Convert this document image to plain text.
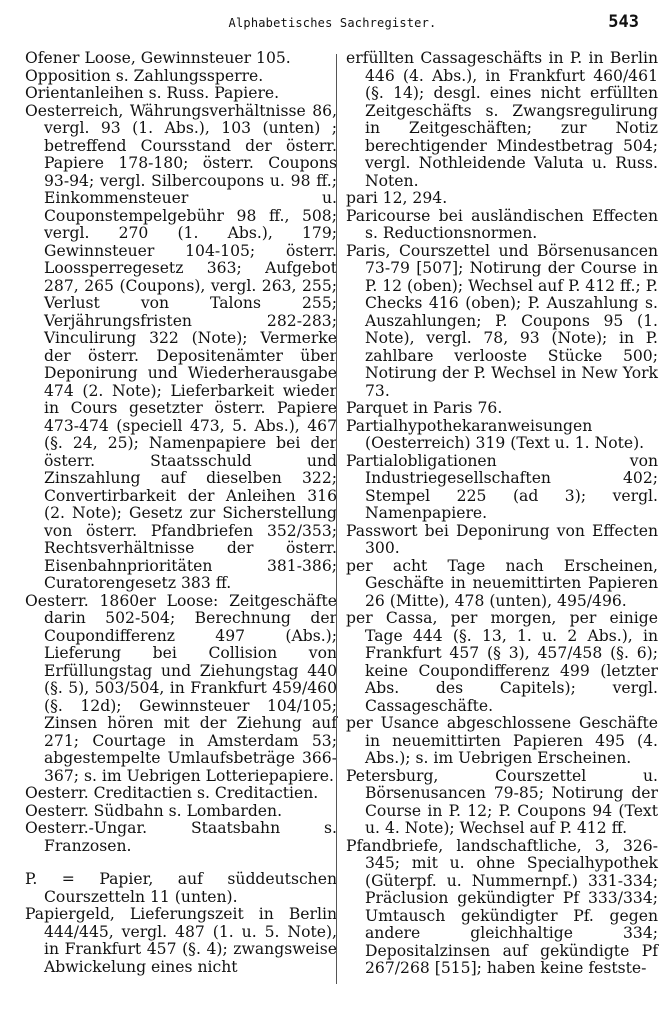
Alphabetisches Sachregister.	543

Ofener Loose, Gewinnsteuer 105.

Opposition s. Zahlungssperre.

Orientanleihen s. Russ. Papiere.

Oesterreich, Währungsverhältnisse 86, vergl. 93 (1. Abs.), 103 (unten) ; betreffend Coursstand der österr. Papiere 178-180; österr. Coupons 93-94; vergl. Silbercoupons u. 98 ff.; Einkommensteuer u. Couponstempelgebühr 98 ff., 508; vergl. 270 (1. Abs.), 179; Gewinnsteuer 104-105; österr. Loossperregesetz 363; Aufgebot 287, 265 (Coupons), vergl. 263, 255; Verlust von Talons 255; Verjährungsfristen 282-283; Vinculirung 322 (Note); Vermerke der österr. Depositenämter über Deponirung und Wiederherausgabe 474 (2. Note); Lieferbarkeit wieder in Cours gesetzter österr. Papiere 473-474 (speciell 473, 5. Abs.), 467 (§. 24, 25); Namenpapiere bei der österr. Staatsschuld und Zinszahlung auf dieselben 322; Convertirbarkeit der Anleihen 316 (2. Note); Gesetz zur Sicherstellung von österr. Pfandbriefen 352/353; Rechtsverhältnisse der österr. Eisenbahnprioritäten 381-386; Curatorengesetz 383 ff.

Oesterr. 1860er Loose: Zeitgeschäfte darin 502-504; Berechnung der Coupondifferenz 497 (Abs.); Lieferung bei Collision von Erfüllungstag und Ziehungstag 440 (§. 5), 503/504, in Frankfurt 459/460 (§. 12d); Gewinnsteuer 104/105; Zinsen hören mit der Ziehung auf 271; Courtage in Amsterdam 53; abgestempelte Umlaufsbeträge 366-367; s. im Uebrigen Lotteriepapiere.

Oesterr. Creditactien s. Creditactien.

Oesterr. Südbahn s. Lombarden.

Oesterr.-Ungar. Staatsbahn s. Franzosen.

P. = Papier, auf süddeutschen Courszetteln 11 (unten).

Papiergeld, Lieferungszeit in Berlin 444/445, vergl. 487 (1. u. 5. Note), in Frankfurt 457 (§. 4); zwangsweise Abwickelung eines nicht

erfüllten Cassageschäfts in P. in Berlin 446 (4. Abs.), in Frankfurt 460/461 (§. 14); desgl. eines nicht erfüllten Zeitgeschäfts s. Zwangsregulirung in Zeitgeschäften; zur Notiz berechtigender Mindestbetrag 504; vergl. Nothleidende Valuta u. Russ. Noten.

pari 12, 294.

Paricourse bei ausländischen Effecten s. Reductionsnormen.

Paris, Courszettel und Börsenusancen 73-79 [507]; Notirung der Course in P. 12 (oben); Wechsel auf P. 412 ff.; P. Checks 416 (oben); P. Auszahlung s. Auszahlungen; P. Coupons 95 (1. Note), vergl. 78, 93 (Note); in P. zahlbare verlooste Stücke 500; Notirung der P. Wechsel in New York 73.

Parquet in Paris 76.

Partialhypothekaranweisungen (Oesterreich) 319 (Text u. 1. Note).

Partialobligationen von Industriegesellschaften 402; Stempel 225 (ad 3); vergl. Namenpapiere.

Passwort bei Deponirung von Effecten 300.

per acht Tage nach Erscheinen, Geschäfte in neuemittirten Papieren 26 (Mitte), 478 (unten), 495/496.

per Cassa, per morgen, per einige Tage 444 (§. 13, 1. u. 2 Abs.), in Frankfurt 457 (§ 3), 457/458 (§. 6); keine Coupondifferenz 499 (letzter Abs. des Capitels); vergl. Cassageschäfte.

per Usance abgeschlossene Geschäfte in neuemittirten Papieren 495 (4. Abs.); s. im Uebrigen Erscheinen.

Petersburg, Courszettel u. Börsenusancen 79-85; Notirung der Course in P. 12; P. Coupons 94 (Text u. 4. Note); Wechsel auf P. 412 ff.

Pfandbriefe, landschaftliche, 3, 326-345; mit u. ohne Specialhypothek (Güterpf. u. Nummernpf.) 331-334; Präclusion gekündigter Pf 333/334; Umtausch gekündigter Pf. gegen andere gleichhaltige 334; Depositalzinsen auf gekündigte Pf 267/268 [515]; haben keine festste-
